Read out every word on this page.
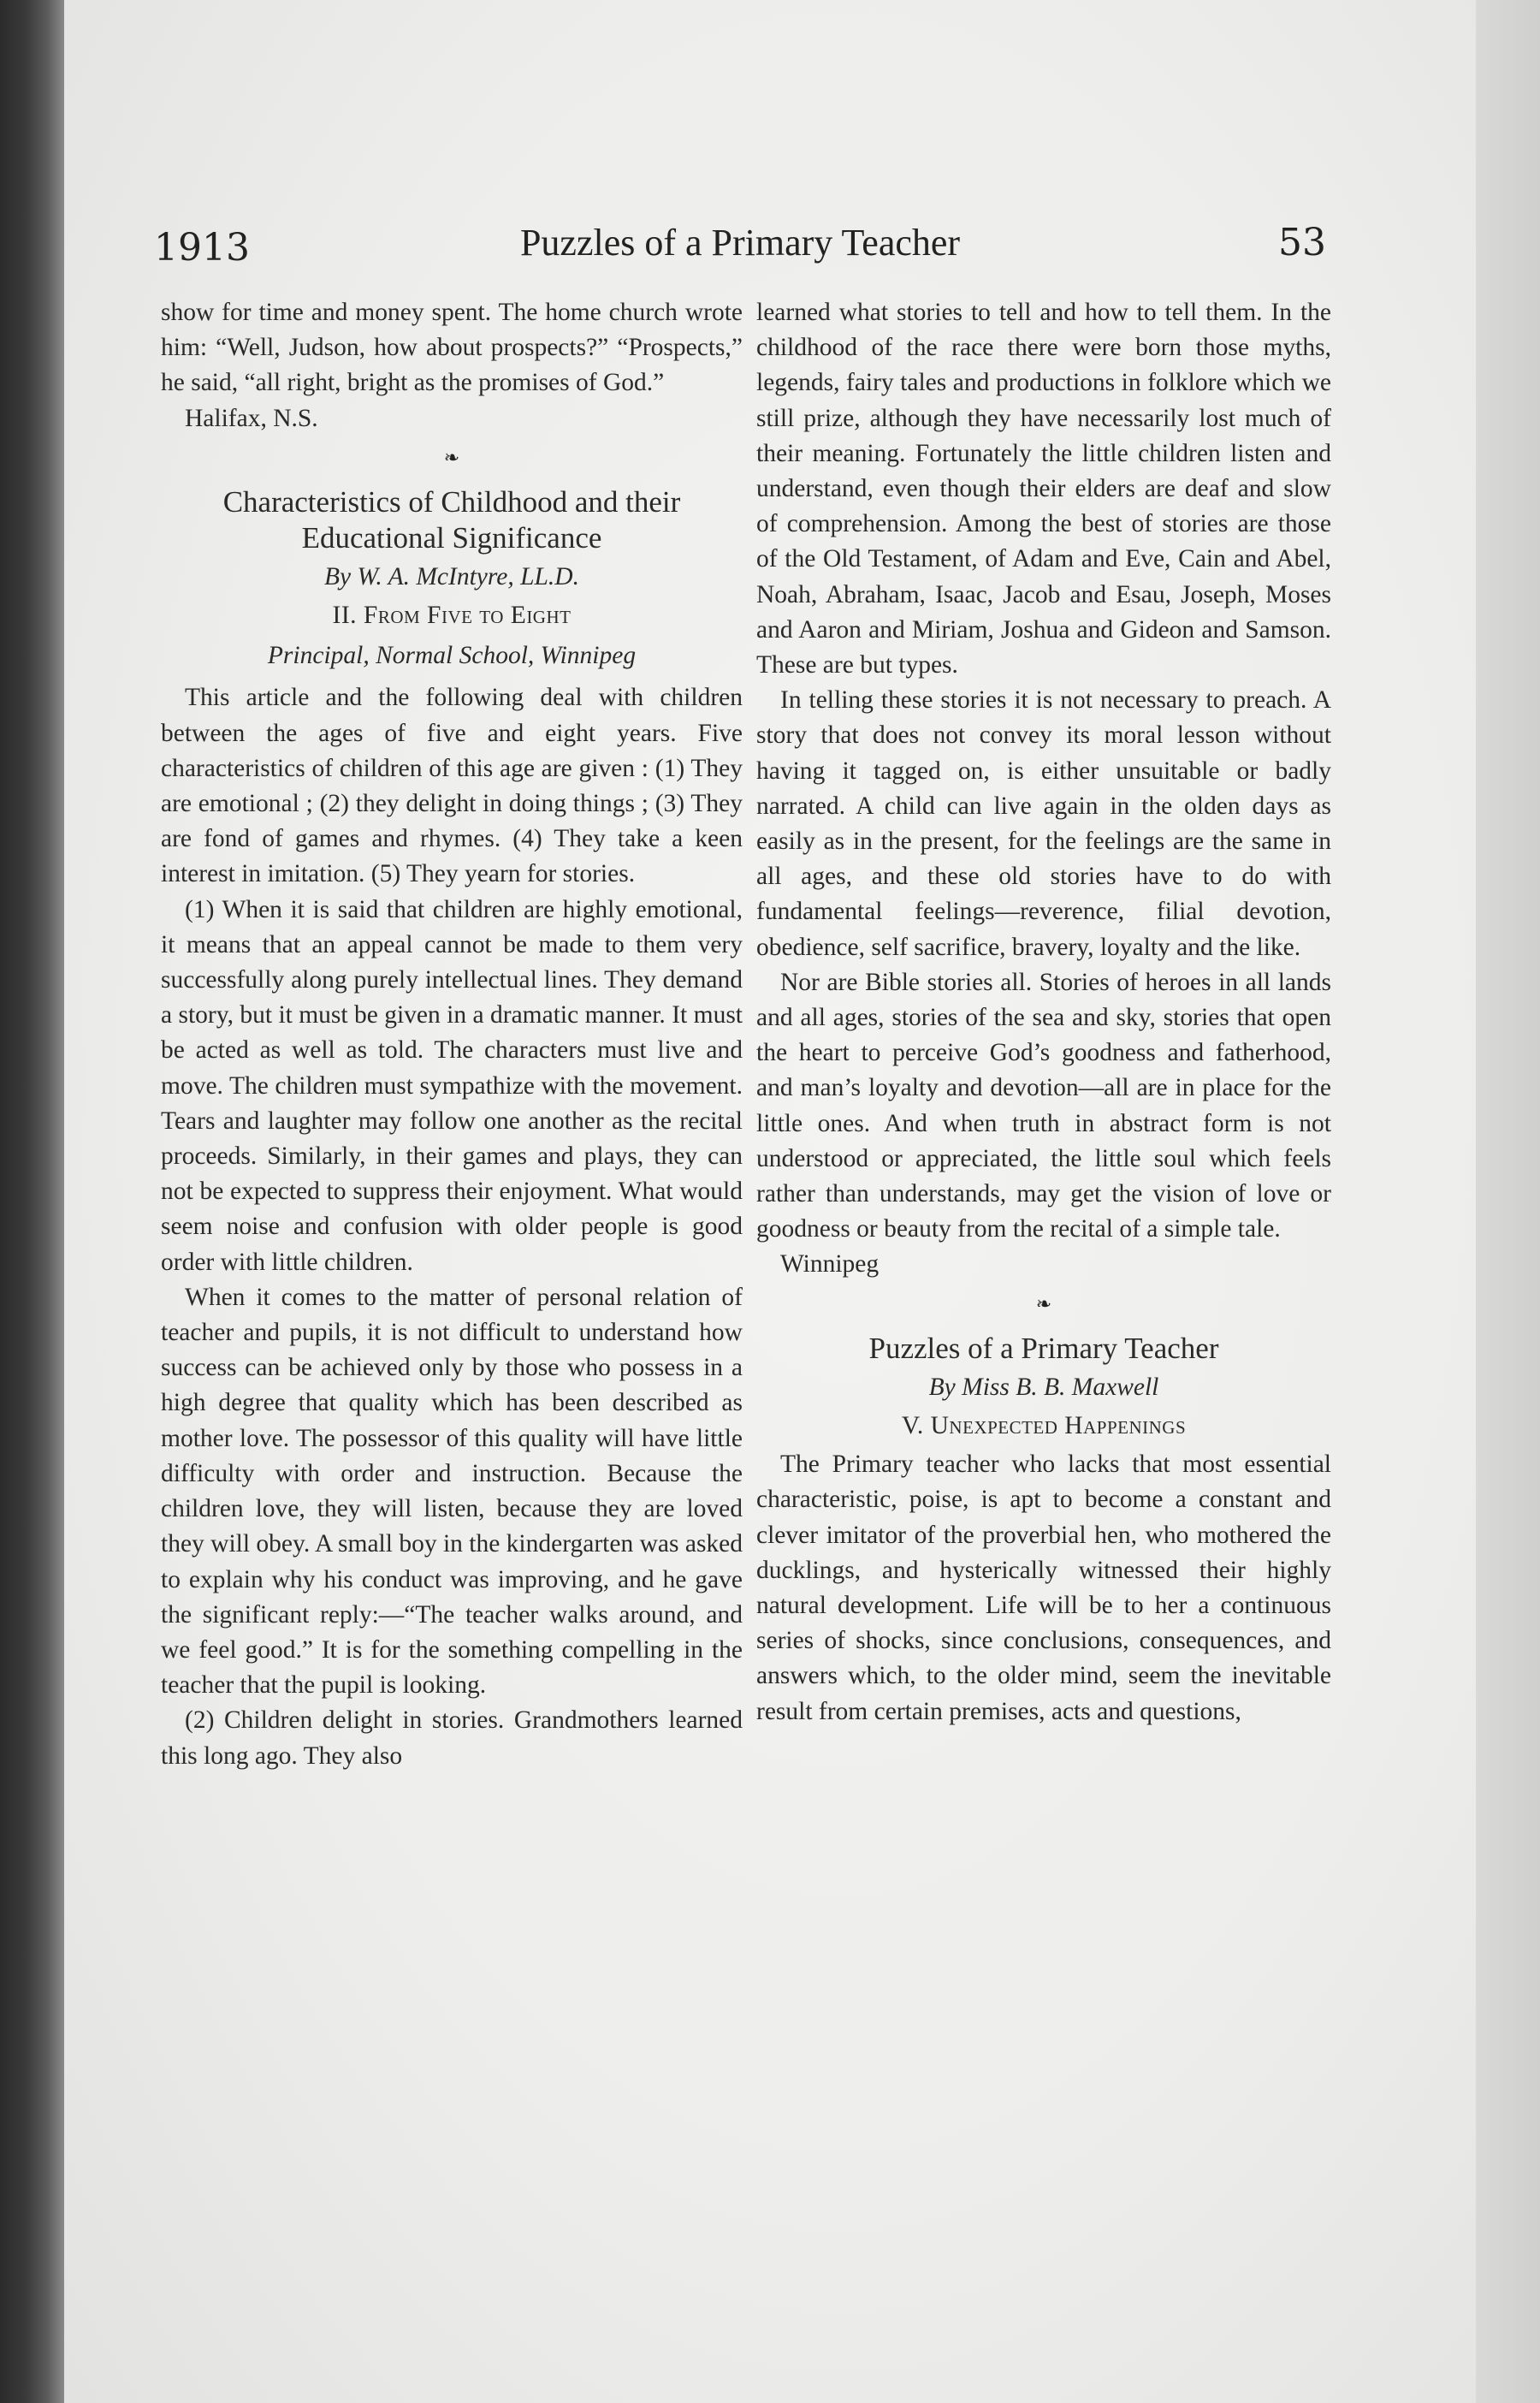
1913	Puzzles of a Primary Teacher	53

show for time and money spent. The home church wrote him: “Well, Judson, how about prospects?” “Prospects,” he said, “all right, bright as the promises of God.”

Halifax, N.S.

❧
Characteristics of Childhood and their Educational Significance
By W. A. McIntyre, LL.D.
II. From Five to Eight
Principal, Normal School, Winnipeg

This article and the following deal with children between the ages of five and eight years. Five characteristics of children of this age are given : (1) They are emotional ; (2) they delight in doing things ; (3) They are fond of games and rhymes. (4) They take a keen interest in imitation. (5) They yearn for stories.

(1) When it is said that children are highly emotional, it means that an appeal cannot be made to them very successfully along purely intellectual lines. They demand a story, but it must be given in a dramatic manner. It must be acted as well as told. The characters must live and move. The children must sympathize with the movement. Tears and laughter may follow one another as the recital proceeds. Similarly, in their games and plays, they can not be expected to suppress their enjoyment. What would seem noise and confusion with older people is good order with little children.

When it comes to the matter of personal relation of teacher and pupils, it is not difficult to understand how success can be achieved only by those who possess in a high degree that quality which has been described as mother love. The possessor of this quality will have little difficulty with order and instruction. Because the children love, they will listen, because they are loved they will obey. A small boy in the kindergarten was asked to explain why his conduct was improving, and he gave the significant reply:—“The teacher walks around, and we feel good.” It is for the something compelling in the teacher that the pupil is looking.

(2) Children delight in stories. Grandmothers learned this long ago. They also

learned what stories to tell and how to tell them. In the childhood of the race there were born those myths, legends, fairy tales and productions in folklore which we still prize, although they have necessarily lost much of their meaning. Fortunately the little children listen and understand, even though their elders are deaf and slow of comprehension. Among the best of stories are those of the Old Testament, of Adam and Eve, Cain and Abel, Noah, Abraham, Isaac, Jacob and Esau, Joseph, Moses and Aaron and Miriam, Joshua and Gideon and Samson. These are but types.

In telling these stories it is not necessary to preach. A story that does not convey its moral lesson without having it tagged on, is either unsuitable or badly narrated. A child can live again in the olden days as easily as in the present, for the feelings are the same in all ages, and these old stories have to do with fundamental feelings—reverence, filial devotion, obedience, self sacrifice, bravery, loyalty and the like.

Nor are Bible stories all. Stories of heroes in all lands and all ages, stories of the sea and sky, stories that open the heart to perceive God’s goodness and fatherhood, and man’s loyalty and devotion—all are in place for the little ones. And when truth in abstract form is not understood or appreciated, the little soul which feels rather than understands, may get the vision of love or goodness or beauty from the recital of a simple tale.

Winnipeg

❧
Puzzles of a Primary Teacher
By Miss B. B. Maxwell
V. Unexpected Happenings

The Primary teacher who lacks that most essential characteristic, poise, is apt to become a constant and clever imitator of the proverbial hen, who mothered the ducklings, and hysterically witnessed their highly natural development. Life will be to her a continuous series of shocks, since conclusions, consequences, and answers which, to the older mind, seem the inevitable result from certain premises, acts and questions,
